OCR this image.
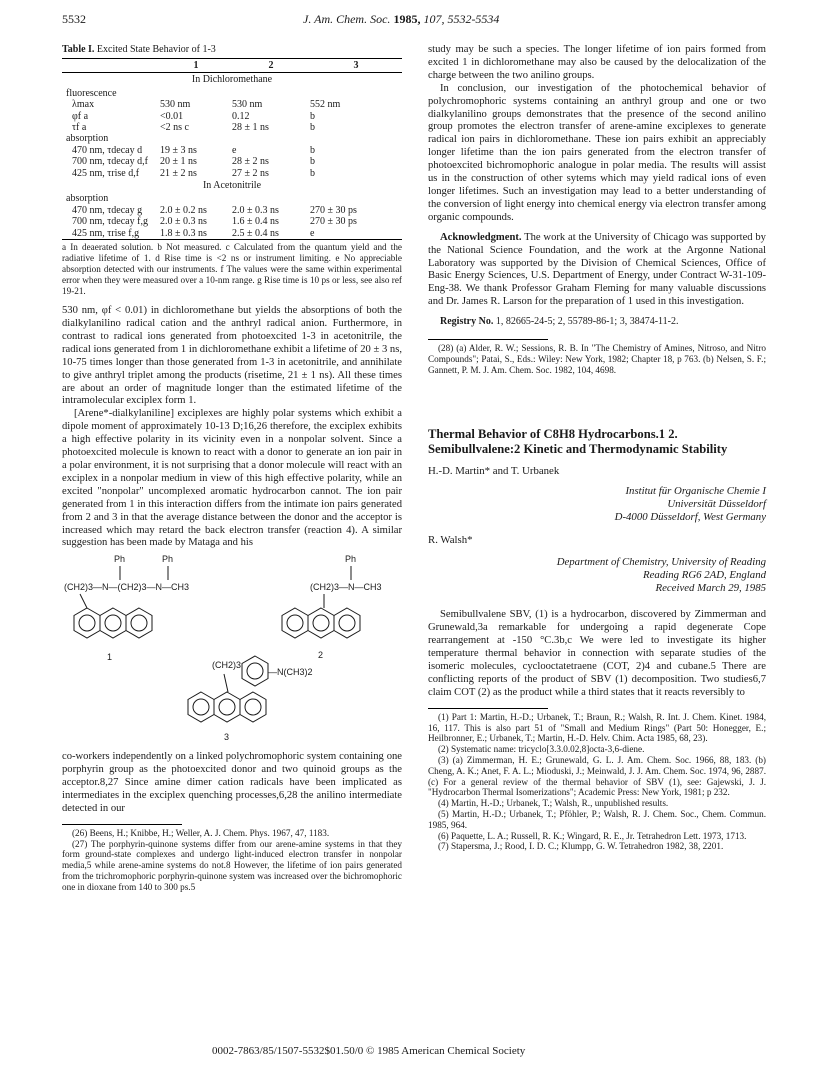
5532	J. Am. Chem. Soc. 1985, 107, 5532-5534

Table I. Excited State Behavior of 1-3

	1	2	3
In Dichloromethane			
fluorescence			
λmax	530 nm	530 nm	552 nm
φf a	<0.01	0.12	b
τf a	<2 ns c	28 ± 1 ns	b
absorption			
470 nm, τdecay d	19 ± 3 ns	e	b
700 nm, τdecay d,f	20 ± 1 ns	28 ± 2 ns	b
425 nm, τrise d,f	21 ± 2 ns	27 ± 2 ns	b
In Acetonitrile			
absorption			
470 nm, τdecay g	2.0 ± 0.2 ns	2.0 ± 0.3 ns	270 ± 30 ps
700 nm, τdecay f,g	2.0 ± 0.3 ns	1.6 ± 0.4 ns	270 ± 30 ps
425 nm, τrise f,g	1.8 ± 0.3 ns	2.5 ± 0.4 ns	e

a In deaerated solution. b Not measured. c Calculated from the quantum yield and the radiative lifetime of 1. d Rise time is <2 ns or instrument limiting. e No appreciable absorption detected with our instruments. f The values were the same within experimental error when they were measured over a 10-nm range. g Rise time is 10 ps or less, see also ref 19-21.

530 nm, φf < 0.01) in dichloromethane but yields the absorptions of both the dialkylanilino radical cation and the anthryl radical anion. Furthermore, in contrast to radical ions generated from photoexcited 1-3 in acetonitrile, the radical ions generated from 1 in dichloromethane exhibit a lifetime of 20 ± 3 ns, 10-75 times longer than those generated from 1-3 in acetonitrile, and annihilate to give anthryl triplet among the products (risetime, 21 ± 1 ns). All these times are about an order of magnitude longer than the estimated lifetime of the intramolecular exciplex form 1.

[Arene*-dialkylaniline] exciplexes are highly polar systems which exhibit a dipole moment of approximately 10-13 D;16,26 therefore, the exciplex exhibits a high effective polarity in its vicinity even in a nonpolar solvent. Since a photoexcited molecule is known to react with a donor to generate an ion pair in a polar environment, it is not surprising that a donor molecule will react with an exciplex in a nonpolar medium in view of this high effective polarity, while an excited "nonpolar" uncomplexed aromatic hydrocarbon cannot. The ion pair generated from 1 in this interaction differs from the intimate ion pairs generated from 2 and 3 in that the average distance between the donor and the acceptor is increased which may retard the back electron transfer (reaction 4). A similar suggestion has been made by Mataga and his

Ph	Ph
(CH2)3—N—(CH2)3—N—CH3
1
Ph
(CH2)3—N—CH3
2
(CH2)3
—N(CH3)2
3

co-workers independently on a linked polychromophoric system containing one porphyrin group as the photoexcited donor and two quinoid groups as the acceptor.8,27 Since amine dimer cation radicals have been implicated as intermediates in the exciplex quenching processes,6,28 the anilino intermediate detected in our

(26) Beens, H.; Knibbe, H.; Weller, A. J. Chem. Phys. 1967, 47, 1183.

(27) The porphyrin-quinone systems differ from our arene-amine systems in that they form ground-state complexes and undergo light-induced electron transfer in nonpolar media,5 while arene-amine systems do not.8 However, the lifetime of ion pairs generated from the trichromophoric porphyrin-quinone system was increased over the bichromophoric one in dioxane from 140 to 300 ps.5

study may be such a species. The longer lifetime of ion pairs formed from excited 1 in dichloromethane may also be caused by the delocalization of the charge between the two anilino groups.

In conclusion, our investigation of the photochemical behavior of polychromophoric systems containing an anthryl group and one or two dialkylanilino groups demonstrates that the presence of the second anilino group promotes the electron transfer of arene-amine exciplexes to generate radical ion pairs in dichloromethane. These ion pairs exhibit an appreciably longer lifetime than the ion pairs generated from the electron transfer of photoexcited bichromophoric analogue in polar media. The results will assist us in the construction of other sytems which may yield radical ions of even longer lifetimes. Such an investigation may lead to a better understanding of the conversion of light energy into chemical energy via electron transfer among organic compounds.

Acknowledgment. The work at the University of Chicago was supported by the National Science Foundation, and the work at the Argonne National Laboratory was supported by the Division of Chemical Sciences, Office of Basic Energy Sciences, U.S. Department of Energy, under Contract W-31-109-Eng-38. We thank Professor Graham Fleming for many valuable discussions and Dr. James R. Larson for the preparation of 1 used in this investigation.

Registry No. 1, 82665-24-5; 2, 55789-86-1; 3, 38474-11-2.

(28) (a) Alder, R. W.; Sessions, R. B. In "The Chemistry of Amines, Nitroso, and Nitro Compounds"; Patai, S., Eds.: Wiley: New York, 1982; Chapter 18, p 763. (b) Nelsen, S. F.; Gannett, P. M. J. Am. Chem. Soc. 1982, 104, 4698.

Thermal Behavior of C8H8 Hydrocarbons.1 2.
Semibullvalene:2 Kinetic and Thermodynamic Stability

H.-D. Martin* and T. Urbanek

Institut für Organische Chemie I
Universität Düsseldorf
D-4000 Düsseldorf, West Germany

R. Walsh*

Department of Chemistry, University of Reading
Reading RG6 2AD, England
Received March 29, 1985

Semibullvalene SBV, (1) is a hydrocarbon, discovered by Zimmerman and Grunewald,3a remarkable for undergoing a rapid degenerate Cope rearrangement at -150 °C.3b,c We were led to investigate its higher temperature thermal behavior in connection with separate studies of the isomeric molecules, cyclooctatetraene (COT, 2)4 and cubane.5 There are conflicting reports of the product of SBV (1) decomposition. Two studies6,7 claim COT (2) as the product while a third states that it reacts reversibly to

(1) Part 1: Martin, H.-D.; Urbanek, T.; Braun, R.; Walsh, R. Int. J. Chem. Kinet. 1984, 16, 117. This is also part 51 of "Small and Medium Rings" (Part 50: Honegger, E.; Heilbronner, E.; Urbanek, T.; Martin, H.-D. Helv. Chim. Acta 1985, 68, 23).

(2) Systematic name: tricyclo[3.3.0.02,8]octa-3,6-diene.

(3) (a) Zimmerman, H. E.; Grunewald, G. L. J. Am. Chem. Soc. 1966, 88, 183. (b) Cheng, A. K.; Anet, F. A. L.; Mioduski, J.; Meinwald, J. J. Am. Chem. Soc. 1974, 96, 2887. (c) For a general review of the thermal behavior of SBV (1), see: Gajewski, J. J. "Hydrocarbon Thermal Isomerizations"; Academic Press: New York, 1981; p 232.

(4) Martin, H.-D.; Urbanek, T.; Walsh, R., unpublished results.

(5) Martin, H.-D.; Urbanek, T.; Pföhler, P.; Walsh, R. J. Chem. Soc., Chem. Commun. 1985, 964.

(6) Paquette, L. A.; Russell, R. K.; Wingard, R. E., Jr. Tetrahedron Lett. 1973, 1713.

(7) Stapersma, J.; Rood, I. D. C.; Klumpp, G. W. Tetrahedron 1982, 38, 2201.

0002-7863/85/1507-5532$01.50/0 © 1985 American Chemical Society
